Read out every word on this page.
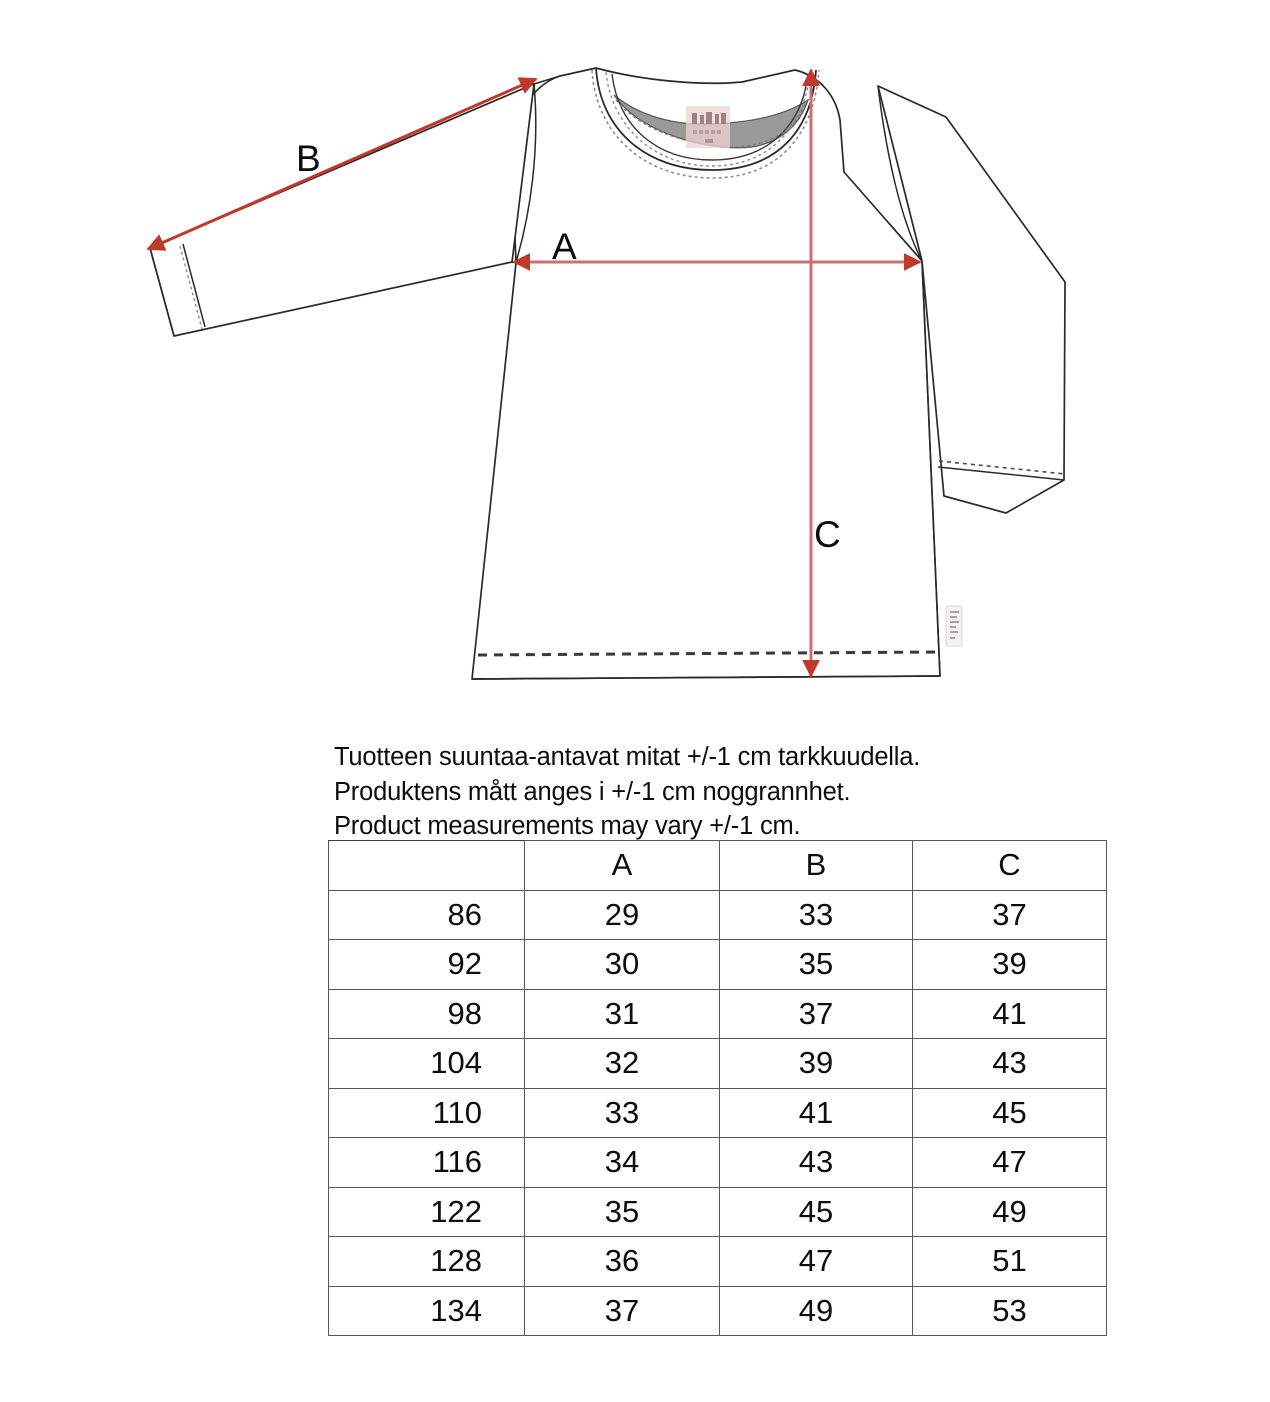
B
A
C

Tuotteen suuntaa-antavat mitat +/-1 cm tarkkuudella.

Produktens mått anges i +/-1 cm noggrannhet.

Product measurements may vary +/-1 cm.

	A	B	C
86	29	33	37
92	30	35	39
98	31	37	41
104	32	39	43
110	33	41	45
116	34	43	47
122	35	45	49
128	36	47	51
134	37	49	53
